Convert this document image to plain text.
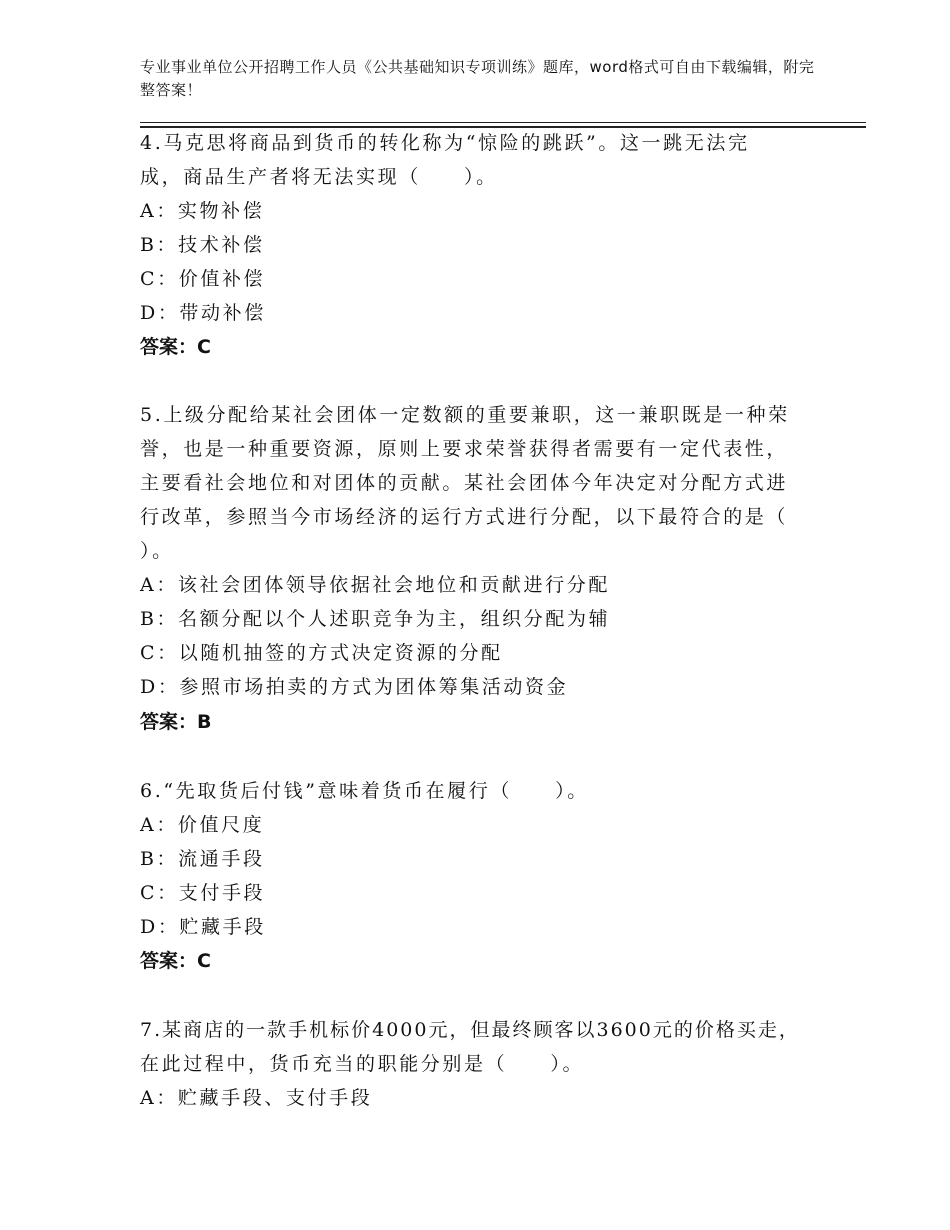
专业事业单位公开招聘工作人员《公共基础知识专项训练》题库，word格式可自由下载编辑，附完整答案！
4.马克思将商品到货币的转化称为“惊险的跳跃”。这一跳无法完
成，商品生产者将无法实现（　　）。
A：实物补偿
B：技术补偿
C：价值补偿
D：带动补偿
答案：C
5.上级分配给某社会团体一定数额的重要兼职，这一兼职既是一种荣
誉，也是一种重要资源，原则上要求荣誉获得者需要有一定代表性，
主要看社会地位和对团体的贡献。某社会团体今年决定对分配方式进
行改革，参照当今市场经济的运行方式进行分配，以下最符合的是（
）。
A：该社会团体领导依据社会地位和贡献进行分配
B：名额分配以个人述职竞争为主，组织分配为辅
C：以随机抽签的方式决定资源的分配
D：参照市场拍卖的方式为团体筹集活动资金
答案：B
6.“先取货后付钱”意味着货币在履行（　　）。
A：价值尺度
B：流通手段
C：支付手段
D：贮藏手段
答案：C
7.某商店的一款手机标价4000元，但最终顾客以3600元的价格买走，
在此过程中，货币充当的职能分别是（　　）。
A：贮藏手段、支付手段
